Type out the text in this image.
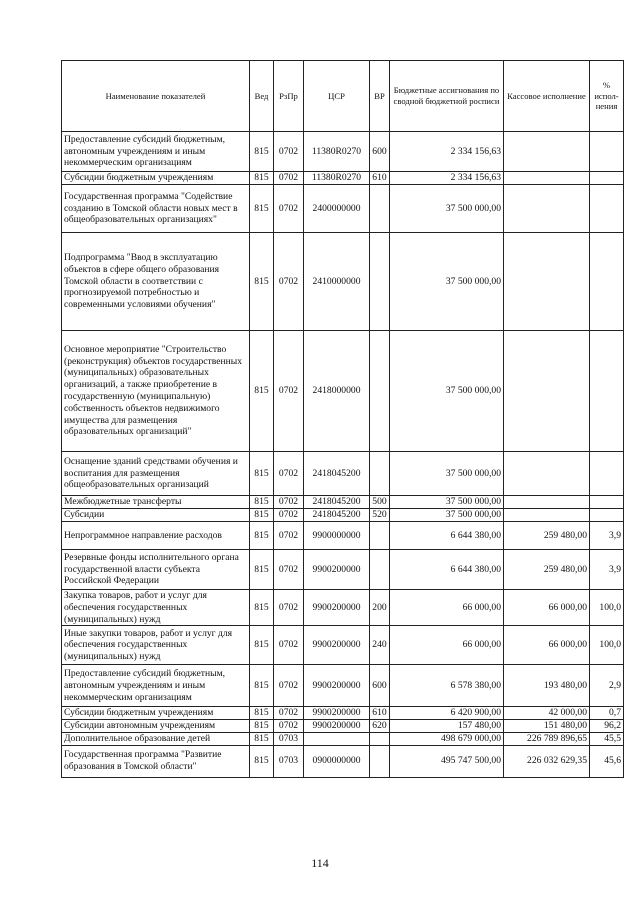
Наименование показателей	Вед	РзПр	ЦСР	ВР	Бюджетные ассигнования по сводной бюджетной росписи	Кассовое исполнение	% испол-нения
Предоставление субсидий бюджетным, автономным учреждениям и иным некоммерческим организациям	815	0702	11380R0270	600	2 334 156,63		
Субсидии бюджетным учреждениям	815	0702	11380R0270	610	2 334 156,63		
Государственная программа "Содействие созданию в Томской области новых мест в общеобразовательных организациях"	815	0702	2400000000		37 500 000,00		
Подпрограмма "Ввод в эксплуатацию объектов в сфере общего образования Томской области в соответствии с прогнозируемой потребностью и современными условиями обучения"	815	0702	2410000000		37 500 000,00		
Основное мероприятие "Строительство (реконструкция) объектов государственных (муниципальных) образовательных организаций, а также приобретение в государственную (муниципальную) собственность объектов недвижимого имущества для размещения образовательных организаций"	815	0702	2418000000		37 500 000,00		
Оснащение зданий средствами обучения и воспитания для размещения общеобразовательных организаций	815	0702	2418045200		37 500 000,00		
Межбюджетные трансферты	815	0702	2418045200	500	37 500 000,00		
Субсидии	815	0702	2418045200	520	37 500 000,00		
Непрограммное направление расходов	815	0702	9900000000		6 644 380,00	259 480,00	3,9
Резервные фонды исполнительного органа государственной власти субъекта Российской Федерации	815	0702	9900200000		6 644 380,00	259 480,00	3,9
Закупка товаров, работ и услуг для обеспечения государственных (муниципальных) нужд	815	0702	9900200000	200	66 000,00	66 000,00	100,0
Иные закупки товаров, работ и услуг для обеспечения государственных (муниципальных) нужд	815	0702	9900200000	240	66 000,00	66 000,00	100,0
Предоставление субсидий бюджетным, автономным учреждениям и иным некоммерческим организациям	815	0702	9900200000	600	6 578 380,00	193 480,00	2,9
Субсидии бюджетным учреждениям	815	0702	9900200000	610	6 420 900,00	42 000,00	0,7
Субсидии автономным учреждениям	815	0702	9900200000	620	157 480,00	151 480,00	96,2
Дополнительное образование детей	815	0703			498 679 000,00	226 789 896,65	45,5
Государственная программа "Развитие образования в Томской области"	815	0703	0900000000		495 747 500,00	226 032 629,35	45,6
114
